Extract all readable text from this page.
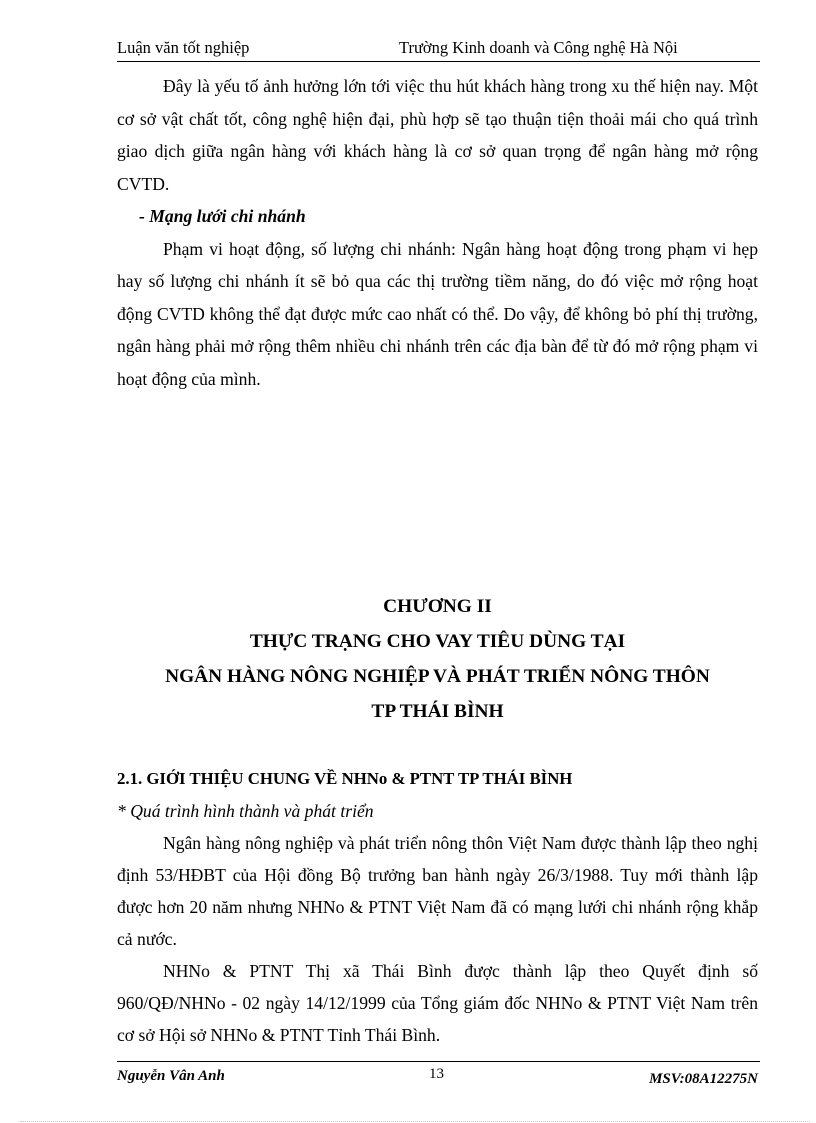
Luận văn tốt nghiệp	Trường Kinh doanh và Công nghệ Hà Nội

Đây là yếu tố ảnh hưởng lớn tới việc thu hút khách hàng trong xu thế hiện nay. Một cơ sở vật chất tốt, công nghệ hiện đại, phù hợp sẽ tạo thuận tiện thoải mái cho quá trình giao dịch giữa ngân hàng với khách hàng là cơ sở quan trọng để ngân hàng mở rộng CVTD.

- Mạng lưới chi nhánh

Phạm vi hoạt động, số lượng chi nhánh: Ngân hàng hoạt động trong phạm vi hẹp hay số lượng chi nhánh ít sẽ bỏ qua các thị trường tiềm năng, do đó việc mở rộng hoạt động CVTD không thể đạt được mức cao nhất có thể. Do vậy, để không bỏ phí thị trường, ngân hàng phải mở rộng thêm nhiều chi nhánh trên các địa bàn để từ đó mở rộng phạm vi hoạt động của mình.

CHƯƠNG II
THỰC TRẠNG CHO VAY TIÊU DÙNG TẠI
NGÂN HÀNG NÔNG NGHIỆP VÀ PHÁT TRIỂN NÔNG THÔN
TP THÁI BÌNH
2.1. GIỚI THIỆU CHUNG VỀ NHNo & PTNT TP THÁI BÌNH
* Quá trình hình thành và phát triển

Ngân hàng nông nghiệp và phát triển nông thôn Việt Nam được thành lập theo nghị định 53/HĐBT của Hội đồng Bộ trưởng ban hành ngày 26/3/1988. Tuy mới thành lập được hơn 20 năm nhưng NHNo & PTNT Việt Nam đã có mạng lưới chi nhánh rộng khắp cả nước.

NHNo & PTNT Thị xã Thái Bình được thành lập theo Quyết định số 960/QĐ/NHNo - 02 ngày 14/12/1999 của Tổng giám đốc NHNo & PTNT Việt Nam trên cơ sở Hội sở NHNo & PTNT Tỉnh Thái Bình.

Nguyễn Vân Anh	13	MSV:08A12275N
